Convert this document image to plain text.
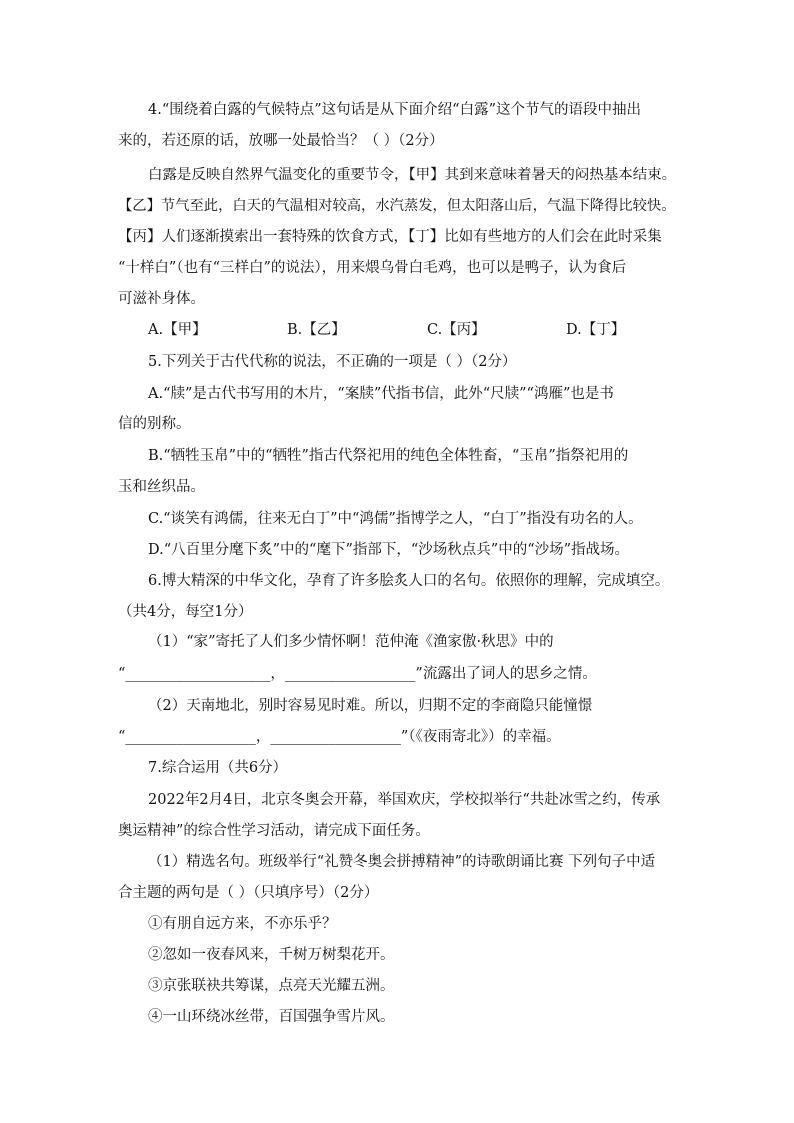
4.“围绕着白露的气候特点”这句话是从下面介绍“白露”这个节气的语段中抽出
来的，若还原的话，放哪一处最恰当？（ ）（2分）
白露是反映自然界气温变化的重要节令，【甲】其到来意味着暑天的闷热基本结束。
【乙】节气至此，白天的气温相对较高，水汽蒸发，但太阳落山后，气温下降得比较快。
【丙】人们逐渐摸索出一套特殊的饮食方式，【丁】比如有些地方的人们会在此时采集
“十样白”（也有“三样白”的说法），用来煨乌骨白毛鸡，也可以是鸭子，认为食后
可滋补身体。
A.【甲】	B.【乙】	C.【丙】	D.【丁】
5.下列关于古代代称的说法，不正确的一项是（ ）（2分）
A.“牍”是古代书写用的木片，“案牍”代指书信，此外“尺牍”“鸿雁”也是书
信的别称。
B.“牺牲玉帛”中的“牺牲”指古代祭祀用的纯色全体牲畜，“玉帛”指祭祀用的
玉和丝织品。
C.“谈笑有鸿儒，往来无白丁”中“鸿儒”指博学之人，“白丁”指没有功名的人。
D.“八百里分麾下炙”中的“麾下”指部下，“沙场秋点兵”中的“沙场”指战场。
6.博大精深的中华文化，孕育了许多脍炙人口的名句。依照你的理解，完成填空。
（共4分，每空1分）
（1）“家”寄托了人们多少情怀啊！范仲淹《渔家傲·秋思》中的
“____________________，__________________”流露出了词人的思乡之情。
（2）天南地北，别时容易见时难。所以，归期不定的李商隐只能憧憬
“__________________，__________________”（《夜雨寄北》）的幸福。
7.综合运用（共6分）
2022年2月4日，北京冬奥会开幕，举国欢庆，学校拟举行“共赴冰雪之约，传承
奥运精神”的综合性学习活动，请完成下面任务。
（1）精选名句。班级举行“礼赞冬奥会拼搏精神”的诗歌朗诵比赛 下列句子中适
合主题的两句是（ ）（只填序号）（2分）
①有朋自远方来，不亦乐乎？
②忽如一夜春风来，千树万树梨花开。
③京张联袂共筹谋，点亮天光耀五洲。
④一山环绕冰丝带，百国强争雪片风。
